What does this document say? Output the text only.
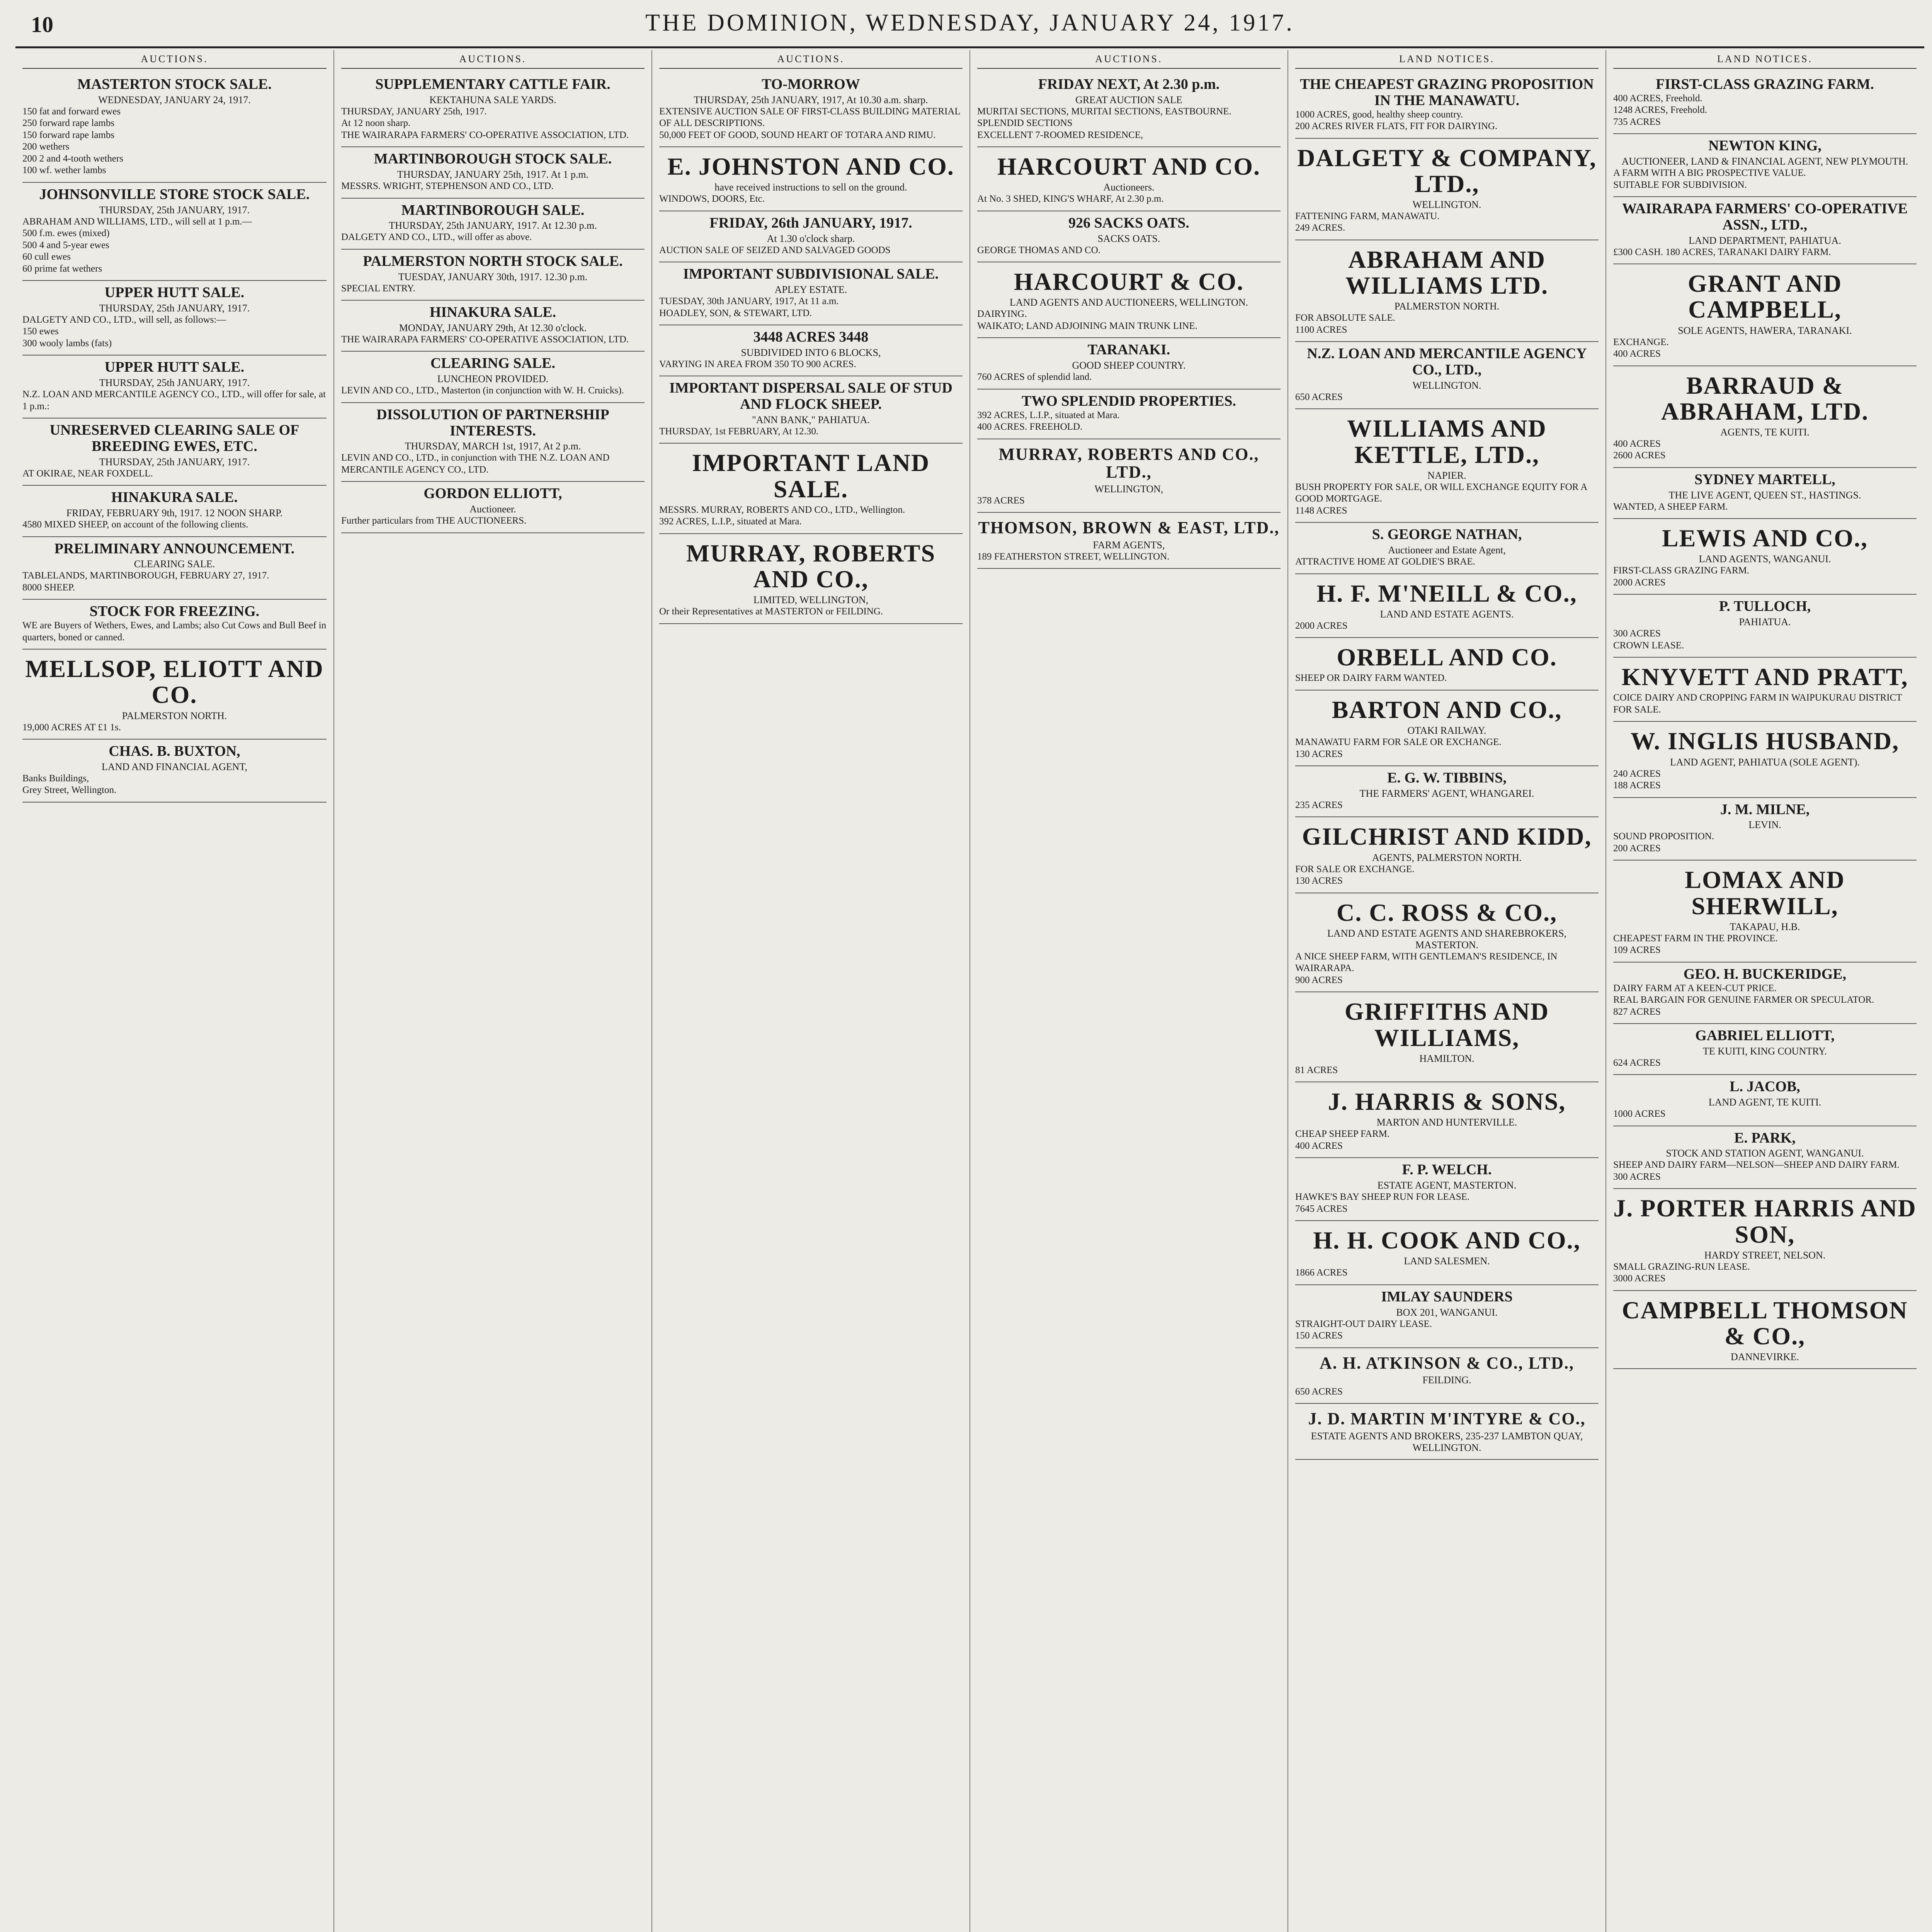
10	THE DOMINION, WEDNESDAY, JANUARY 24, 1917.
AUCTIONS.
MASTERTON STOCK SALE.
WEDNESDAY, JANUARY 24, 1917.
150 fat and forward ewes
250 forward rape lambs
150 forward rape lambs
200 wethers
200 2 and 4-tooth wethers
100 wf. wether lambs
JOHNSONVILLE STORE STOCK SALE.
THURSDAY, 25th JANUARY, 1917.
ABRAHAM AND WILLIAMS, LTD., will sell at 1 p.m.—
500 f.m. ewes (mixed)
500 4 and 5-year ewes
60 cull ewes
60 prime fat wethers
UPPER HUTT SALE.
THURSDAY, 25th JANUARY, 1917.
DALGETY AND CO., LTD., will sell, as follows:—
150 ewes
300 wooly lambs (fats)
UPPER HUTT SALE.
THURSDAY, 25th JANUARY, 1917.
N.Z. LOAN AND MERCANTILE AGENCY CO., LTD., will offer for sale, at 1 p.m.:
UNRESERVED CLEARING SALE OF BREEDING EWES, ETC.
THURSDAY, 25th JANUARY, 1917.
AT OKIRAE, NEAR FOXDELL.
HINAKURA SALE.
FRIDAY, FEBRUARY 9th, 1917. 12 NOON SHARP.
4580 MIXED SHEEP, on account of the following clients.
PRELIMINARY ANNOUNCEMENT.
CLEARING SALE.
TABLELANDS, MARTINBOROUGH, FEBRUARY 27, 1917.
8000 SHEEP.
STOCK FOR FREEZING.
WE are Buyers of Wethers, Ewes, and Lambs; also Cut Cows and Bull Beef in quarters, boned or canned.
MELLSOP, ELIOTT AND CO.
PALMERSTON NORTH.
19,000 ACRES AT £1 1s.
CHAS. B. BUXTON,
LAND AND FINANCIAL AGENT,
Banks Buildings,
Grey Street, Wellington.
AUCTIONS.
SUPPLEMENTARY CATTLE FAIR.
KEKTAHUNA SALE YARDS.
THURSDAY, JANUARY 25th, 1917.
At 12 noon sharp.
THE WAIRARAPA FARMERS' CO-OPERATIVE ASSOCIATION, LTD.
MARTINBOROUGH STOCK SALE.
THURSDAY, JANUARY 25th, 1917. At 1 p.m.
MESSRS. WRIGHT, STEPHENSON AND CO., LTD.
MARTINBOROUGH SALE.
THURSDAY, 25th JANUARY, 1917. At 12.30 p.m.
DALGETY AND CO., LTD., will offer as above.
PALMERSTON NORTH STOCK SALE.
TUESDAY, JANUARY 30th, 1917. 12.30 p.m.
SPECIAL ENTRY.
HINAKURA SALE.
MONDAY, JANUARY 29th, At 12.30 o'clock.
THE WAIRARAPA FARMERS' CO-OPERATIVE ASSOCIATION, LTD.
CLEARING SALE.
LUNCHEON PROVIDED.
LEVIN AND CO., LTD., Masterton (in conjunction with W. H. Cruicks).
DISSOLUTION OF PARTNERSHIP INTERESTS.
THURSDAY, MARCH 1st, 1917, At 2 p.m.
LEVIN AND CO., LTD., in conjunction with THE N.Z. LOAN AND MERCANTILE AGENCY CO., LTD.
GORDON ELLIOTT,
Auctioneer.
Further particulars from THE AUCTIONEERS.
AUCTIONS.
TO-MORROW
THURSDAY, 25th JANUARY, 1917, At 10.30 a.m. sharp.
EXTENSIVE AUCTION SALE OF FIRST-CLASS BUILDING MATERIAL OF ALL DESCRIPTIONS.
50,000 FEET OF GOOD, SOUND HEART OF TOTARA AND RIMU.
E. JOHNSTON AND CO.
have received instructions to sell on the ground.
WINDOWS, DOORS, Etc.
FRIDAY, 26th JANUARY, 1917.
At 1.30 o'clock sharp.
AUCTION SALE OF SEIZED AND SALVAGED GOODS
IMPORTANT SUBDIVISIONAL SALE.
APLEY ESTATE.
TUESDAY, 30th JANUARY, 1917, At 11 a.m.
HOADLEY, SON, & STEWART, LTD.
3448 ACRES 3448
SUBDIVIDED INTO 6 BLOCKS,
VARYING IN AREA FROM 350 TO 900 ACRES.
IMPORTANT DISPERSAL SALE OF STUD AND FLOCK SHEEP.
"ANN BANK," PAHIATUA.
THURSDAY, 1st FEBRUARY, At 12.30.
IMPORTANT LAND SALE.
MESSRS. MURRAY, ROBERTS AND CO., LTD., Wellington.
392 ACRES, L.I.P., situated at Mara.
MURRAY, ROBERTS AND CO.,
LIMITED, WELLINGTON,
Or their Representatives at MASTERTON or FEILDING.
AUCTIONS.
FRIDAY NEXT, At 2.30 p.m.
GREAT AUCTION SALE
MURITAI SECTIONS, MURITAI SECTIONS, EASTBOURNE.
SPLENDID SECTIONS
EXCELLENT 7-ROOMED RESIDENCE,
HARCOURT AND CO.
Auctioneers.
At No. 3 SHED, KING'S WHARF, At 2.30 p.m.
926 SACKS OATS.
SACKS OATS.
GEORGE THOMAS AND CO.
HARCOURT & CO.
LAND AGENTS AND AUCTIONEERS, WELLINGTON.
DAIRYING.
WAIKATO; LAND ADJOINING MAIN TRUNK LINE.
TARANAKI.
GOOD SHEEP COUNTRY.
760 ACRES of splendid land.
TWO SPLENDID PROPERTIES.
392 ACRES, L.I.P., situated at Mara.
400 ACRES. FREEHOLD.
MURRAY, ROBERTS AND CO., LTD.,
WELLINGTON,
378 ACRES
THOMSON, BROWN & EAST, LTD.,
FARM AGENTS,
189 FEATHERSTON STREET, WELLINGTON.
LAND NOTICES.
THE CHEAPEST GRAZING PROPOSITION IN THE MANAWATU.
1000 ACRES, good, healthy sheep country.
200 ACRES RIVER FLATS, FIT FOR DAIRYING.
DALGETY & COMPANY, LTD.,
WELLINGTON.
FATTENING FARM, MANAWATU.
249 ACRES.
ABRAHAM AND WILLIAMS LTD.
PALMERSTON NORTH.
FOR ABSOLUTE SALE.
1100 ACRES
N.Z. LOAN AND MERCANTILE AGENCY CO., LTD.,
WELLINGTON.
650 ACRES
WILLIAMS AND KETTLE, LTD.,
NAPIER.
BUSH PROPERTY FOR SALE, OR WILL EXCHANGE EQUITY FOR A GOOD MORTGAGE.
1148 ACRES
S. GEORGE NATHAN,
Auctioneer and Estate Agent,
ATTRACTIVE HOME AT GOLDIE'S BRAE.
H. F. M'NEILL & CO.,
LAND AND ESTATE AGENTS.
2000 ACRES
ORBELL AND CO.
SHEEP OR DAIRY FARM WANTED.
BARTON AND CO.,
OTAKI RAILWAY.
MANAWATU FARM FOR SALE OR EXCHANGE.
130 ACRES
E. G. W. TIBBINS,
THE FARMERS' AGENT, WHANGAREI.
235 ACRES
GILCHRIST AND KIDD,
AGENTS, PALMERSTON NORTH.
FOR SALE OR EXCHANGE.
130 ACRES
C. C. ROSS & CO.,
LAND AND ESTATE AGENTS AND SHAREBROKERS, MASTERTON.
A NICE SHEEP FARM, WITH GENTLEMAN'S RESIDENCE, IN WAIRARAPA.
900 ACRES
GRIFFITHS AND WILLIAMS,
HAMILTON.
81 ACRES
J. HARRIS & SONS,
MARTON AND HUNTERVILLE.
CHEAP SHEEP FARM.
400 ACRES
F. P. WELCH.
ESTATE AGENT, MASTERTON.
HAWKE'S BAY SHEEP RUN FOR LEASE.
7645 ACRES
H. H. COOK AND CO.,
LAND SALESMEN.
1866 ACRES
IMLAY SAUNDERS
BOX 201, WANGANUI.
STRAIGHT-OUT DAIRY LEASE.
150 ACRES
A. H. ATKINSON & CO., LTD.,
FEILDING.
650 ACRES
J. D. MARTIN M'INTYRE & CO.,
ESTATE AGENTS AND BROKERS, 235-237 LAMBTON QUAY, WELLINGTON.
LAND NOTICES.
FIRST-CLASS GRAZING FARM.
400 ACRES, Freehold.
1248 ACRES, Freehold.
735 ACRES
NEWTON KING,
AUCTIONEER, LAND & FINANCIAL AGENT, NEW PLYMOUTH.
A FARM WITH A BIG PROSPECTIVE VALUE.
SUITABLE FOR SUBDIVISION.
WAIRARAPA FARMERS' CO-OPERATIVE ASSN., LTD.,
LAND DEPARTMENT, PAHIATUA.
£300 CASH. 180 ACRES, TARANAKI DAIRY FARM.
GRANT AND CAMPBELL,
SOLE AGENTS, HAWERA, TARANAKI.
EXCHANGE.
400 ACRES
BARRAUD & ABRAHAM, LTD.
AGENTS, TE KUITI.
400 ACRES
2600 ACRES
SYDNEY MARTELL,
THE LIVE AGENT, QUEEN ST., HASTINGS.
WANTED, A SHEEP FARM.
LEWIS AND CO.,
LAND AGENTS, WANGANUI.
FIRST-CLASS GRAZING FARM.
2000 ACRES
P. TULLOCH,
PAHIATUA.
300 ACRES
CROWN LEASE.
KNYVETT AND PRATT,
COICE DAIRY AND CROPPING FARM IN WAIPUKURAU DISTRICT FOR SALE.
W. INGLIS HUSBAND,
LAND AGENT, PAHIATUA (SOLE AGENT).
240 ACRES
188 ACRES
J. M. MILNE,
LEVIN.
SOUND PROPOSITION.
200 ACRES
LOMAX AND SHERWILL,
TAKAPAU, H.B.
CHEAPEST FARM IN THE PROVINCE.
109 ACRES
GEO. H. BUCKERIDGE,
DAIRY FARM AT A KEEN-CUT PRICE.
REAL BARGAIN FOR GENUINE FARMER OR SPECULATOR.
827 ACRES
GABRIEL ELLIOTT,
TE KUITI, KING COUNTRY.
624 ACRES
L. JACOB,
LAND AGENT, TE KUITI.
1000 ACRES
E. PARK,
STOCK AND STATION AGENT, WANGANUI.
SHEEP AND DAIRY FARM—NELSON—SHEEP AND DAIRY FARM.
300 ACRES
J. PORTER HARRIS AND SON,
HARDY STREET, NELSON.
SMALL GRAZING-RUN LEASE.
3000 ACRES
CAMPBELL THOMSON & CO.,
DANNEVIRKE.
